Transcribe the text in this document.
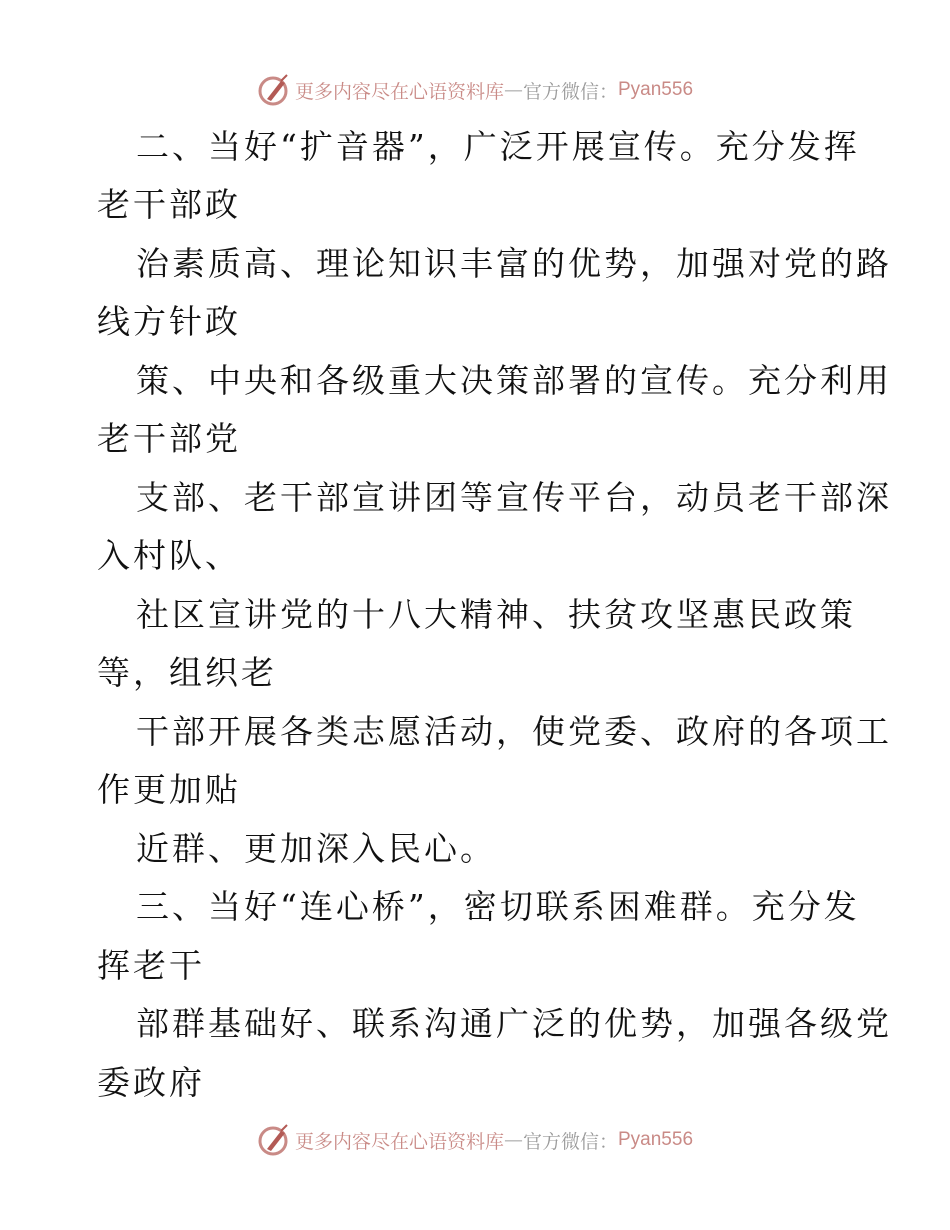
更多内容尽在心语资料库 — 官方微信： Pyan556
二、当好“扩音器”，广泛开展宣传。充分发挥
老干部政
治素质高、理论知识丰富的优势，加强对党的路
线方针政
策、中央和各级重大决策部署的宣传。充分利用
老干部党
支部、老干部宣讲团等宣传平台，动员老干部深
入村队、
社区宣讲党的十八大精神、扶贫攻坚惠民政策
等，组织老
干部开展各类志愿活动，使党委、政府的各项工
作更加贴
近群、更加深入民心。
三、当好“连心桥”，密切联系困难群。充分发
挥老干
部群基础好、联系沟通广泛的优势，加强各级党
委政府
更多内容尽在心语资料库 — 官方微信： Pyan556
